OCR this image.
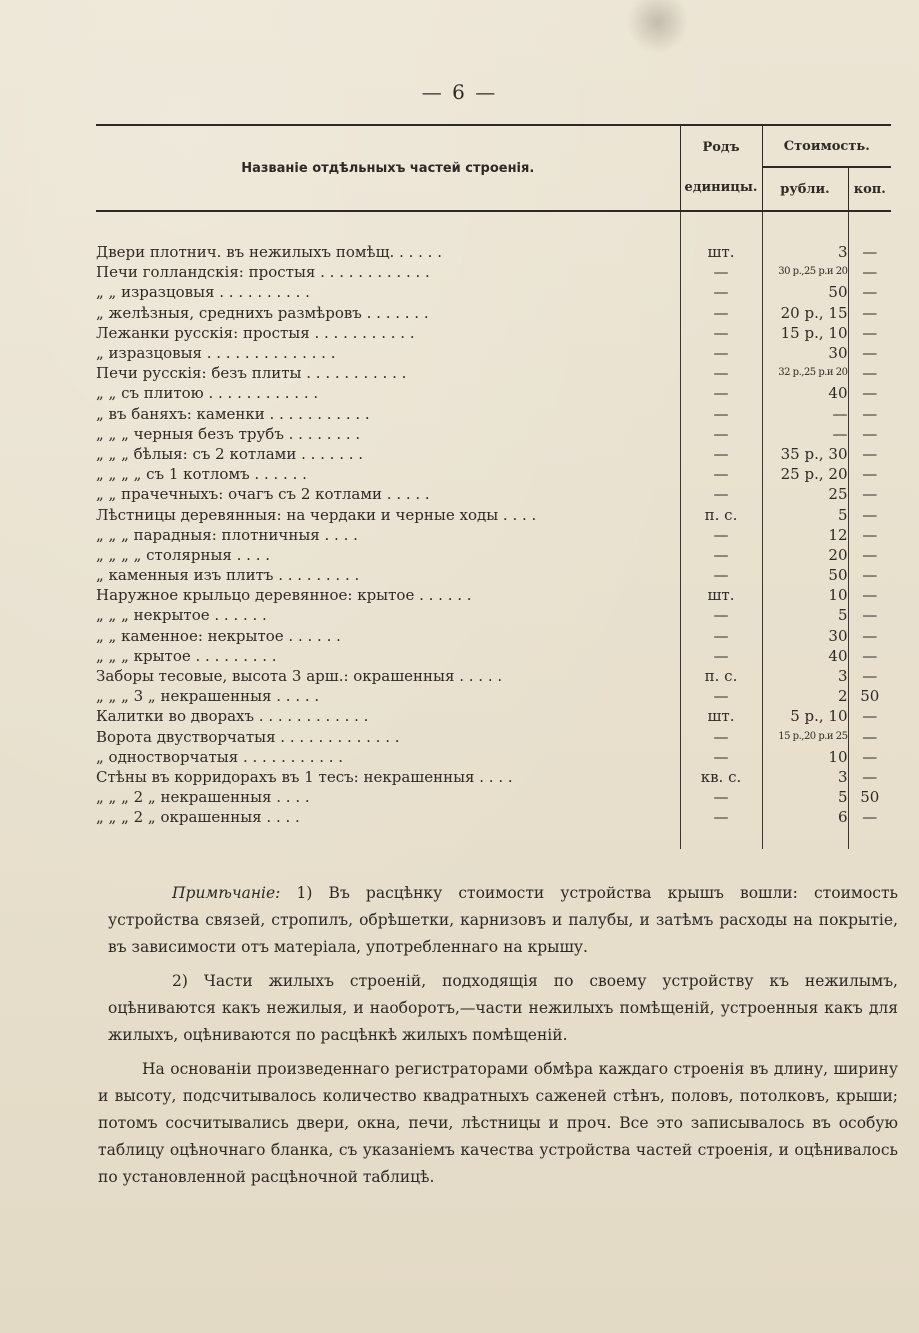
— 6 —
Названіе отдѣльныхъ частей строенія.	Родъ единицы.	Стоимость.	
		рубли.	коп.

Двери плотнич. въ нежилыхъ помѣщ. . . . . .	шт.	3	—
Печи голландскія: простыя . . . . . . . . . . . .	—	30 р.,25 р.и 20	—
„ „ изразцовыя . . . . . . . . . .	—	50	—
„ желѣзныя, среднихъ размѣровъ . . . . . . .	—	20 р., 15	—
Лежанки русскія: простыя . . . . . . . . . . .	—	15 р., 10	—
„ изразцовыя . . . . . . . . . . . . . .	—	30	—
Печи русскія: безъ плиты . . . . . . . . . . .	—	32 р.,25 р.и 20	—
„ „ съ плитою . . . . . . . . . . . .	—	40	—
„ въ баняхъ: каменки . . . . . . . . . . .	—	—	—
„ „ „ черныя безъ трубъ . . . . . . . .	—	—	—
„ „ „ бѣлыя: съ 2 котлами . . . . . . .	—	35 р., 30	—
„ „ „ „ съ 1 котломъ . . . . . .	—	25 р., 20	—
„ „ прачечныхъ: очагъ съ 2 котлами . . . . .	—	25	—
Лѣстницы деревянныя: на чердаки и черные ходы . . . .	п. с.	5	—
„ „ „ парадныя: плотничныя . . . .	—	12	—
„ „ „ „ столярныя . . . .	—	20	—
„ каменныя изъ плитъ . . . . . . . . .	—	50	—
Наружное крыльцо деревянное: крытое . . . . . .	шт.	10	—
„ „ „ некрытое . . . . . .	—	5	—
„ „ каменное: некрытое . . . . . .	—	30	—
„ „ „ крытое . . . . . . . . .	—	40	—
Заборы тесовые, высота 3 арш.: окрашенныя . . . . .	п. с.	3	—
„ „ „ 3 „ некрашенныя . . . . .	—	2	50
Калитки во дворахъ . . . . . . . . . . . .	шт.	5 р., 10	—
Ворота двустворчатыя . . . . . . . . . . . . .	—	15 р.,20 р.и 25	—
„ одностворчатыя . . . . . . . . . . .	—	10	—
Стѣны въ корридорахъ въ 1 тесъ: некрашенныя . . . .	кв. с.	3	—
„ „ „ 2 „ некрашенныя . . . .	—	5	50
„ „ „ 2 „ окрашенныя . . . .	—	6	—

Примѣчаніе: 1) Въ расцѣнку стоимости устройства крышъ вошли: стоимость устройства связей, стропилъ, обрѣшетки, карнизовъ и палубы, и затѣмъ расходы на покрытіе, въ зависимости отъ матеріала, употребленнаго на крышу.

2) Части жилыхъ строеній, подходящія по своему устройству къ нежилымъ, оцѣниваются какъ нежилыя, и наоборотъ,—части нежилыхъ помѣщеній, устроенныя какъ для жилыхъ, оцѣниваются по расцѣнкѣ жилыхъ помѣщеній.

На основаніи произведеннаго регистраторами обмѣра каждаго строенія въ длину, ширину и высоту, подсчитывалось количество квадратныхъ саженей стѣнъ, половъ, потолковъ, крыши; потомъ сосчитывались двери, окна, печи, лѣстницы и проч. Все это записывалось въ особую таблицу оцѣночнаго бланка, съ указаніемъ качества устройства частей строенія, и оцѣнивалось по установленной расцѣночной таблицѣ.
